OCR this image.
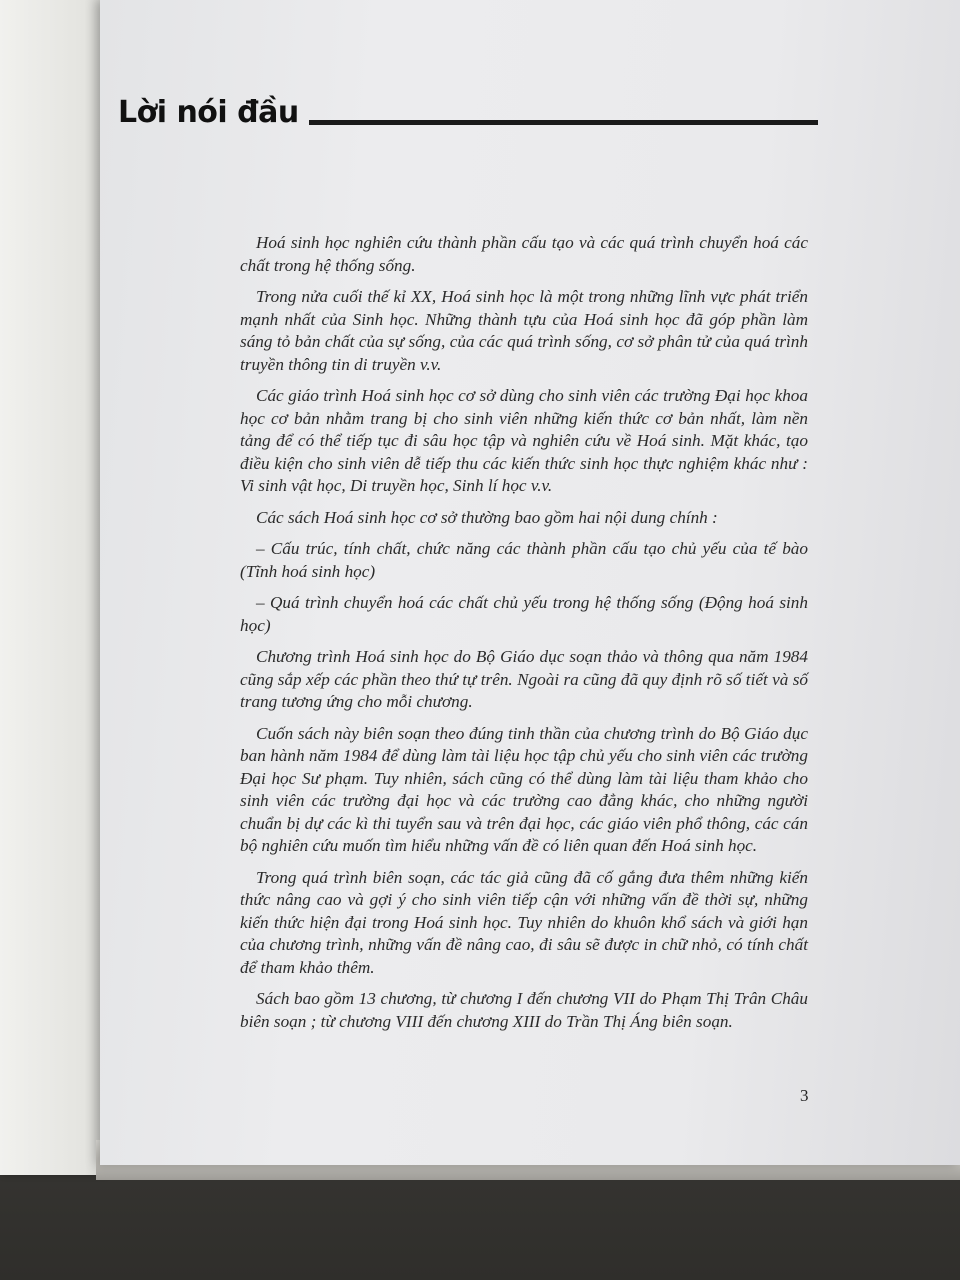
Lời nói đầu

Hoá sinh học nghiên cứu thành phần cấu tạo và các quá trình chuyển hoá các chất trong hệ thống sống.

Trong nửa cuối thế kỉ XX, Hoá sinh học là một trong những lĩnh vực phát triển mạnh nhất của Sinh học. Những thành tựu của Hoá sinh học đã góp phần làm sáng tỏ bản chất của sự sống, của các quá trình sống, cơ sở phân tử của quá trình truyền thông tin di truyền v.v.

Các giáo trình Hoá sinh học cơ sở dùng cho sinh viên các trường Đại học khoa học cơ bản nhằm trang bị cho sinh viên những kiến thức cơ bản nhất, làm nền tảng để có thể tiếp tục đi sâu học tập và nghiên cứu về Hoá sinh. Mặt khác, tạo điều kiện cho sinh viên dễ tiếp thu các kiến thức sinh học thực nghiệm khác như : Vi sinh vật học, Di truyền học, Sinh lí học v.v.

Các sách Hoá sinh học cơ sở thường bao gồm hai nội dung chính :

– Cấu trúc, tính chất, chức năng các thành phần cấu tạo chủ yếu của tế bào (Tĩnh hoá sinh học)

– Quá trình chuyển hoá các chất chủ yếu trong hệ thống sống (Động hoá sinh học)

Chương trình Hoá sinh học do Bộ Giáo dục soạn thảo và thông qua năm 1984 cũng sắp xếp các phần theo thứ tự trên. Ngoài ra cũng đã quy định rõ số tiết và số trang tương ứng cho mỗi chương.

Cuốn sách này biên soạn theo đúng tinh thần của chương trình do Bộ Giáo dục ban hành năm 1984 để dùng làm tài liệu học tập chủ yếu cho sinh viên các trường Đại học Sư phạm. Tuy nhiên, sách cũng có thể dùng làm tài liệu tham khảo cho sinh viên các trường đại học và các trường cao đẳng khác, cho những người chuẩn bị dự các kì thi tuyển sau và trên đại học, các giáo viên phổ thông, các cán bộ nghiên cứu muốn tìm hiểu những vấn đề có liên quan đến Hoá sinh học.

Trong quá trình biên soạn, các tác giả cũng đã cố gắng đưa thêm những kiến thức nâng cao và gợi ý cho sinh viên tiếp cận với những vấn đề thời sự, những kiến thức hiện đại trong Hoá sinh học. Tuy nhiên do khuôn khổ sách và giới hạn của chương trình, những vấn đề nâng cao, đi sâu sẽ được in chữ nhỏ, có tính chất để tham khảo thêm.

Sách bao gồm 13 chương, từ chương I đến chương VII do Phạm Thị Trân Châu biên soạn ; từ chương VIII đến chương XIII do Trần Thị Áng biên soạn.

3
